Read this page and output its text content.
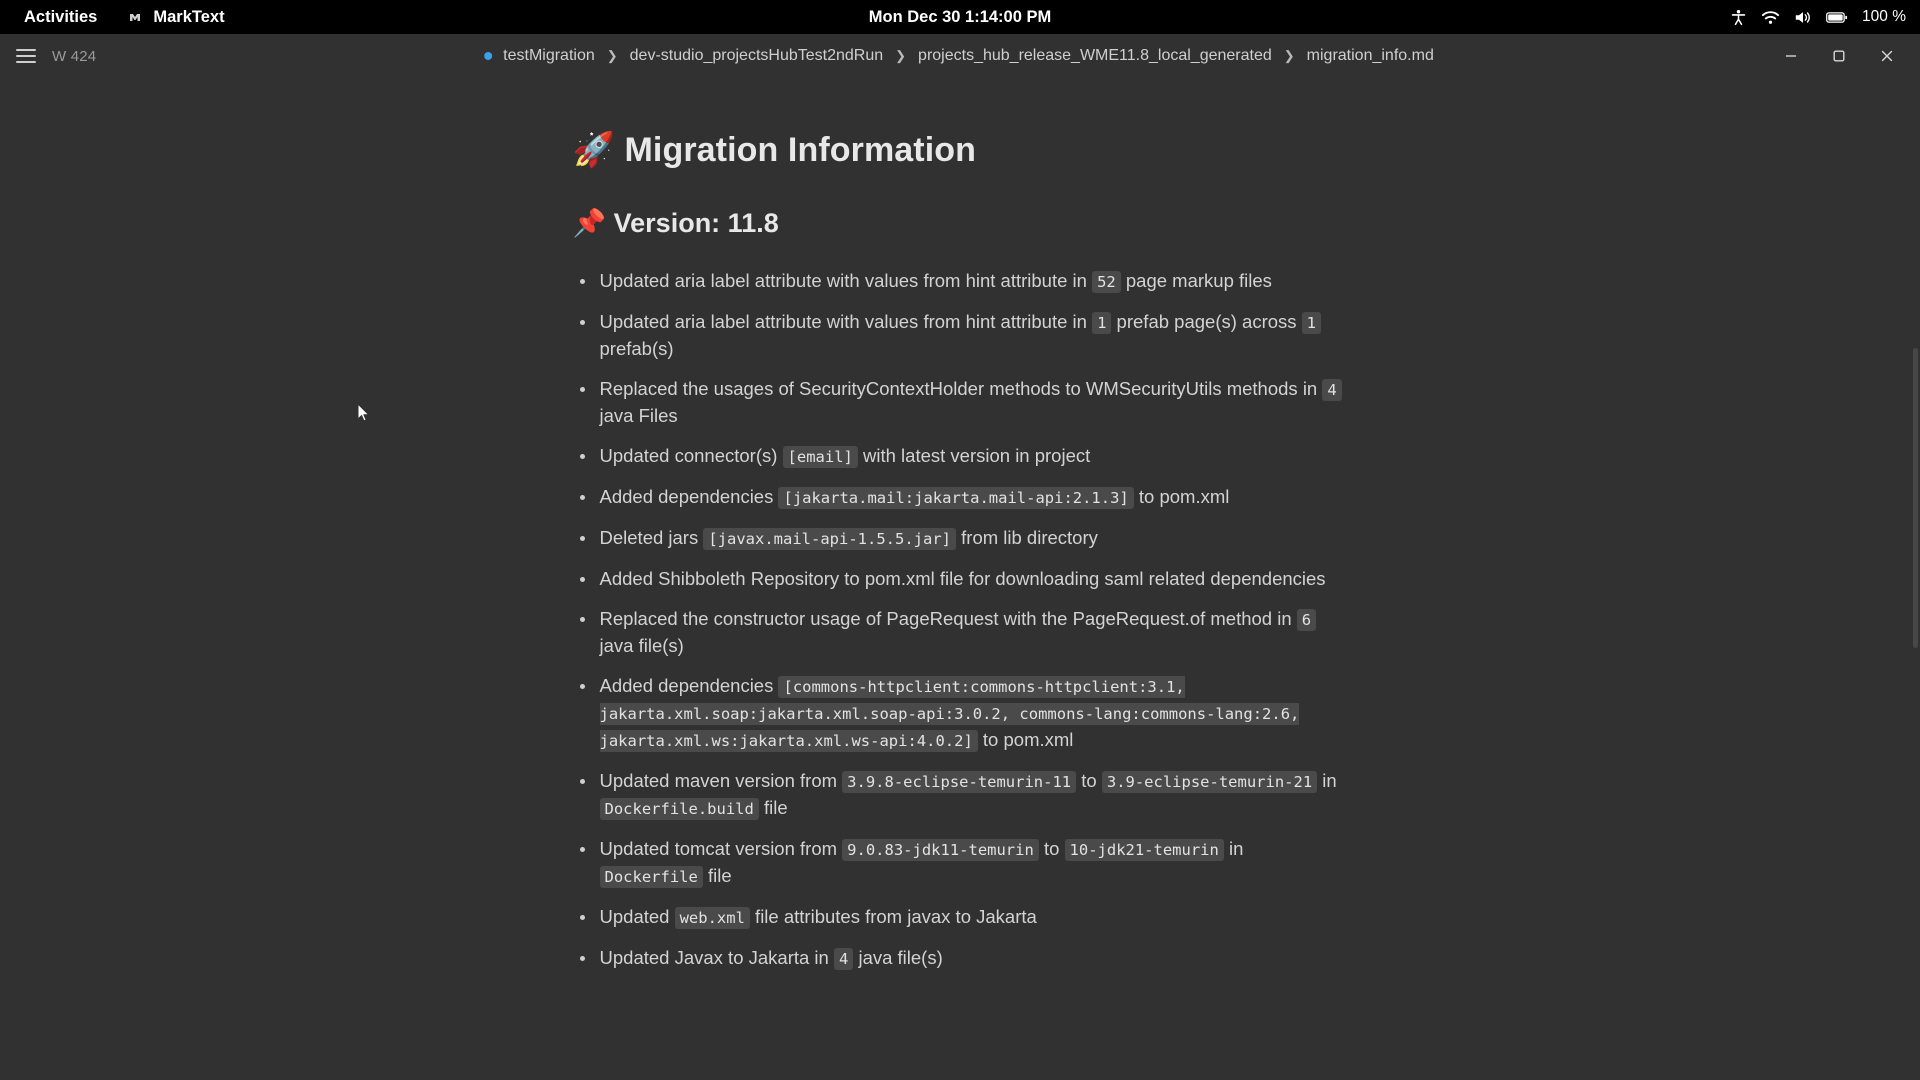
Activities	MarkText	Mon Dec 30 1:14:00 PM	100 %
W 424	testMigration ❯ dev-studio_projectsHubTest2ndRun ❯ projects_hub_release_WME11.8_local_generated ❯ migration_info.md
🚀 Migration Information
📌 Version: 11.8
Updated aria label attribute with values from hint attribute in 52 page markup files
Updated aria label attribute with values from hint attribute in 1 prefab page(s) across 1 prefab(s)
Replaced the usages of SecurityContextHolder methods to WMSecurityUtils methods in 4 java Files
Updated connector(s) [email] with latest version in project
Added dependencies [jakarta.mail:jakarta.mail-api:2.1.3] to pom.xml
Deleted jars [javax.mail-api-1.5.5.jar] from lib directory
Added Shibboleth Repository to pom.xml file for downloading saml related dependencies
Replaced the constructor usage of PageRequest with the PageRequest.of method in 6 java file(s)
Added dependencies [commons-httpclient:commons-httpclient:3.1, jakarta.xml.soap:jakarta.xml.soap-api:3.0.2, commons-lang:commons-lang:2.6, jakarta.xml.ws:jakarta.xml.ws-api:4.0.2] to pom.xml
Updated maven version from 3.9.8-eclipse-temurin-11 to 3.9-eclipse-temurin-21 in Dockerfile.build file
Updated tomcat version from 9.0.83-jdk11-temurin to 10-jdk21-temurin in Dockerfile file
Updated web.xml file attributes from javax to Jakarta
Updated Javax to Jakarta in 4 java file(s)
